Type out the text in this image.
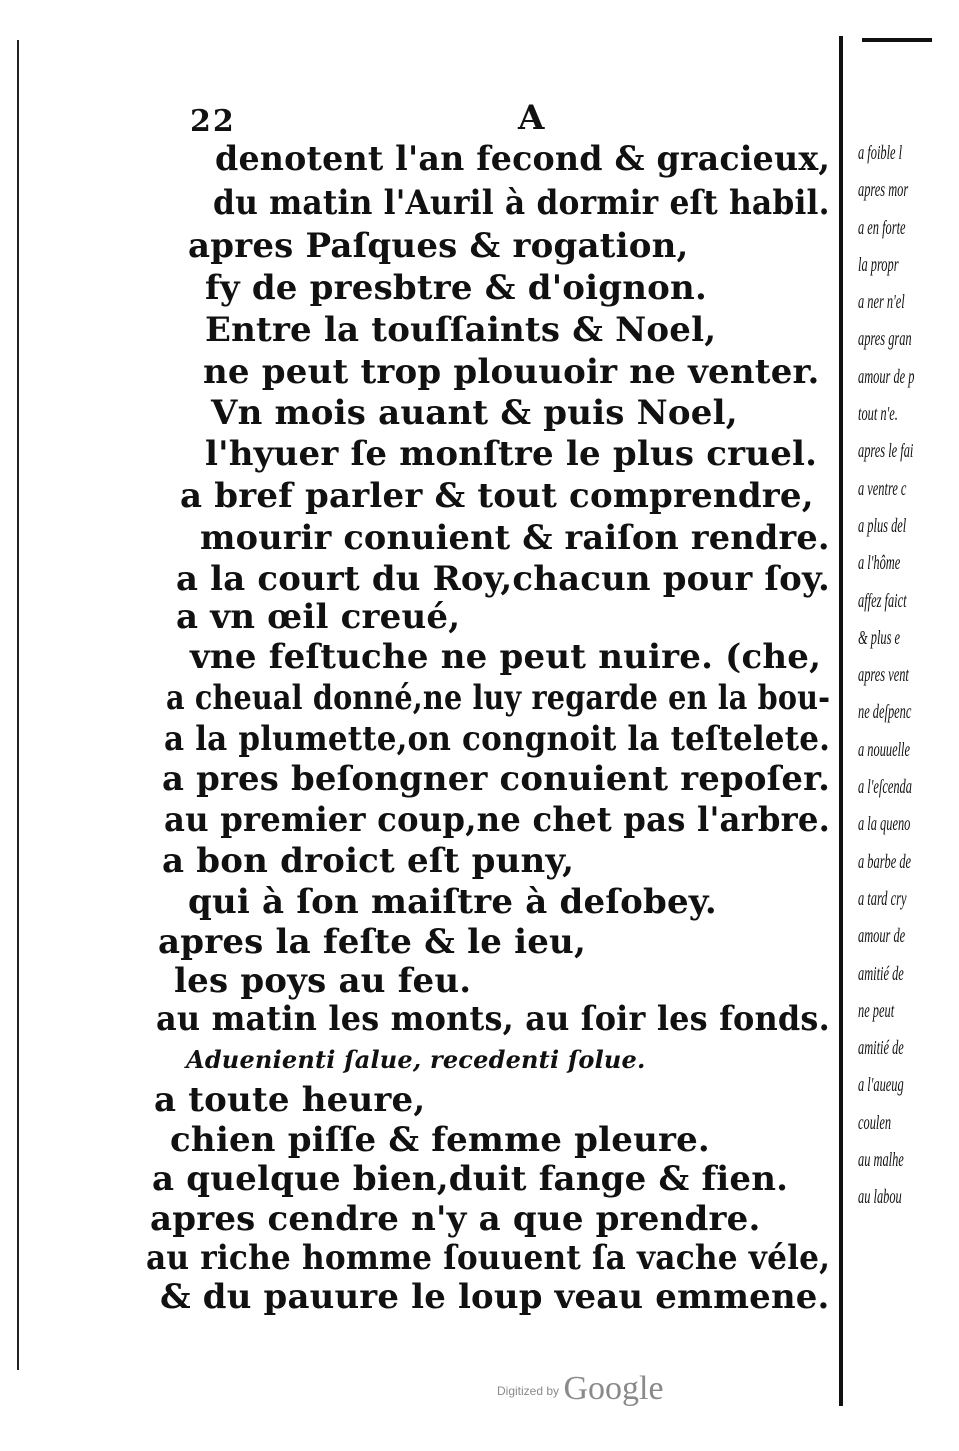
22	A
denotent l'an fecond & gracieux,
du matin l'Auril à dormir eſt habil.
apres Paſques & rogation,
fy de presbtre & d'oignon.
Entre la touſſaints & Noel,
ne peut trop plouuoir ne venter.
Vn mois auant & puis Noel,
l'hyuer ſe monſtre le plus cruel.
a bref parler & tout comprendre,
mourir conuient & raiſon rendre.
a la court du Roy,chacun pour ſoy.
a vn œil creué,
vne feſtuche ne peut nuire. (che,
a cheual donné,ne luy regarde en la bou-
a la plumette,on congnoit la teſtelete.
a pres beſongner conuient repoſer.
au premier coup,ne chet pas l'arbre.
a bon droict eſt puny,
qui à ſon maiſtre à deſobey.
apres la feſte & le ieu,
les poys au feu.
au matin les monts, au ſoir les fonds.
Aduenienti ſalue, recedenti ſolue.
a toute heure,
chien piſſe & femme pleure.
a quelque bien,duit fange & fien.
apres cendre n'y a que prendre.
au riche homme ſouuent ſa vache véle,
& du pauure le loup veau emmene.
a foible l
apres mor
a en forte
la propr
a ner n'el
apres gran
amour de p
tout n'e.
apres le fai
a ventre c
a plus del
a l'hôme
affez faict
& plus e
apres vent
ne deſpenc
a nouuelle
a l'eſcenda
a la queno
a barbe de
a tard cry
amour de
amitié de
ne peut
amitié de
a l'aueug
coulen
au malhe
au labou
Digitized by Google
